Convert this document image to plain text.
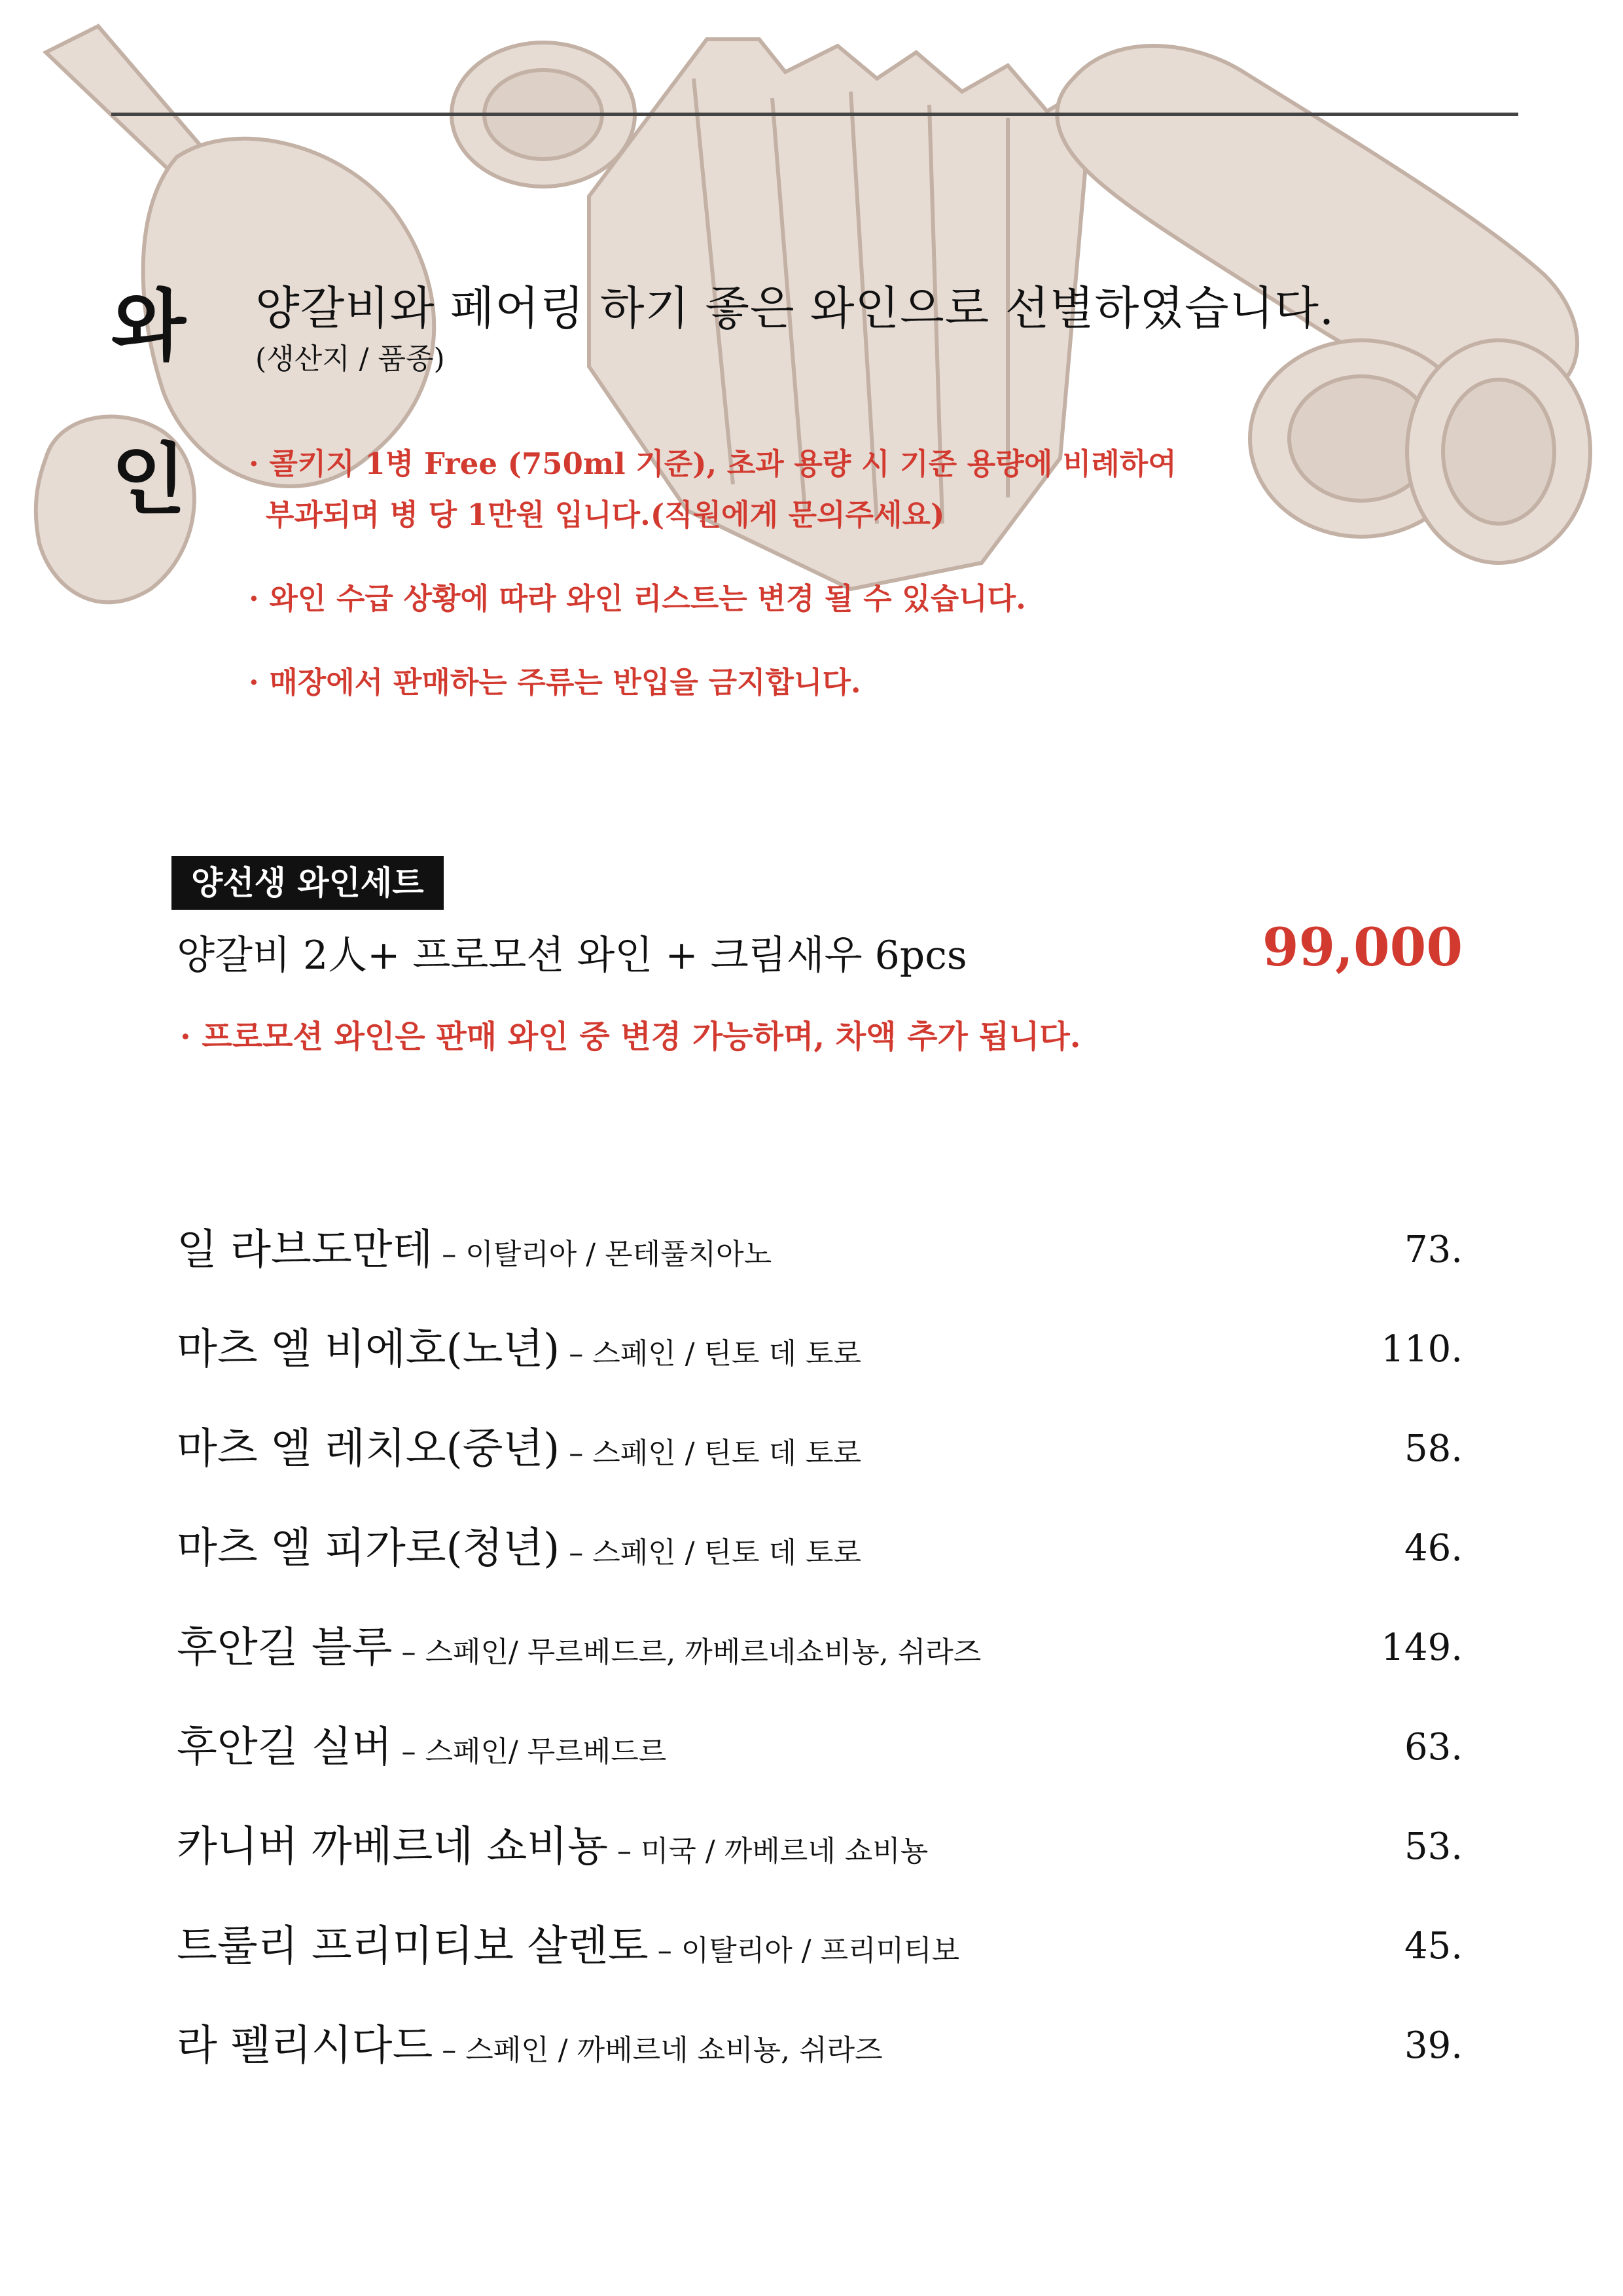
와
인
양갈비와 페어링 하기 좋은 와인으로 선별하였습니다.
(생산지 / 품종)
· 콜키지 1병 Free (750ml 기준), 초과 용량 시 기준 용량에 비례하여
부과되며 병 당 1만원 입니다.(직원에게 문의주세요)
· 와인 수급 상황에 따라 와인 리스트는 변경 될 수 있습니다.
· 매장에서 판매하는 주류는 반입을 금지합니다.
양선생 와인세트
양갈비 2人+ 프로모션 와인 + 크림새우 6pcs	99,000
· 프로모션 와인은 판매 와인 중 변경 가능하며, 차액 추가 됩니다.
일 라브도만테 – 이탈리아 / 몬테풀치아노	73.
마츠 엘 비에호(노년) – 스페인 / 틴토 데 토로	110.
마츠 엘 레치오(중년) – 스페인 / 틴토 데 토로	58.
마츠 엘 피가로(청년) – 스페인 / 틴토 데 토로	46.
후안길 블루 – 스페인/ 무르베드르, 까베르네쇼비뇽, 쉬라즈	149.
후안길 실버 – 스페인/ 무르베드르	63.
카니버 까베르네 쇼비뇽 – 미국 / 까베르네 쇼비뇽	53.
트룰리 프리미티보 살렌토 – 이탈리아 / 프리미티보	45.
라 펠리시다드 – 스페인 / 까베르네 쇼비뇽, 쉬라즈	39.
